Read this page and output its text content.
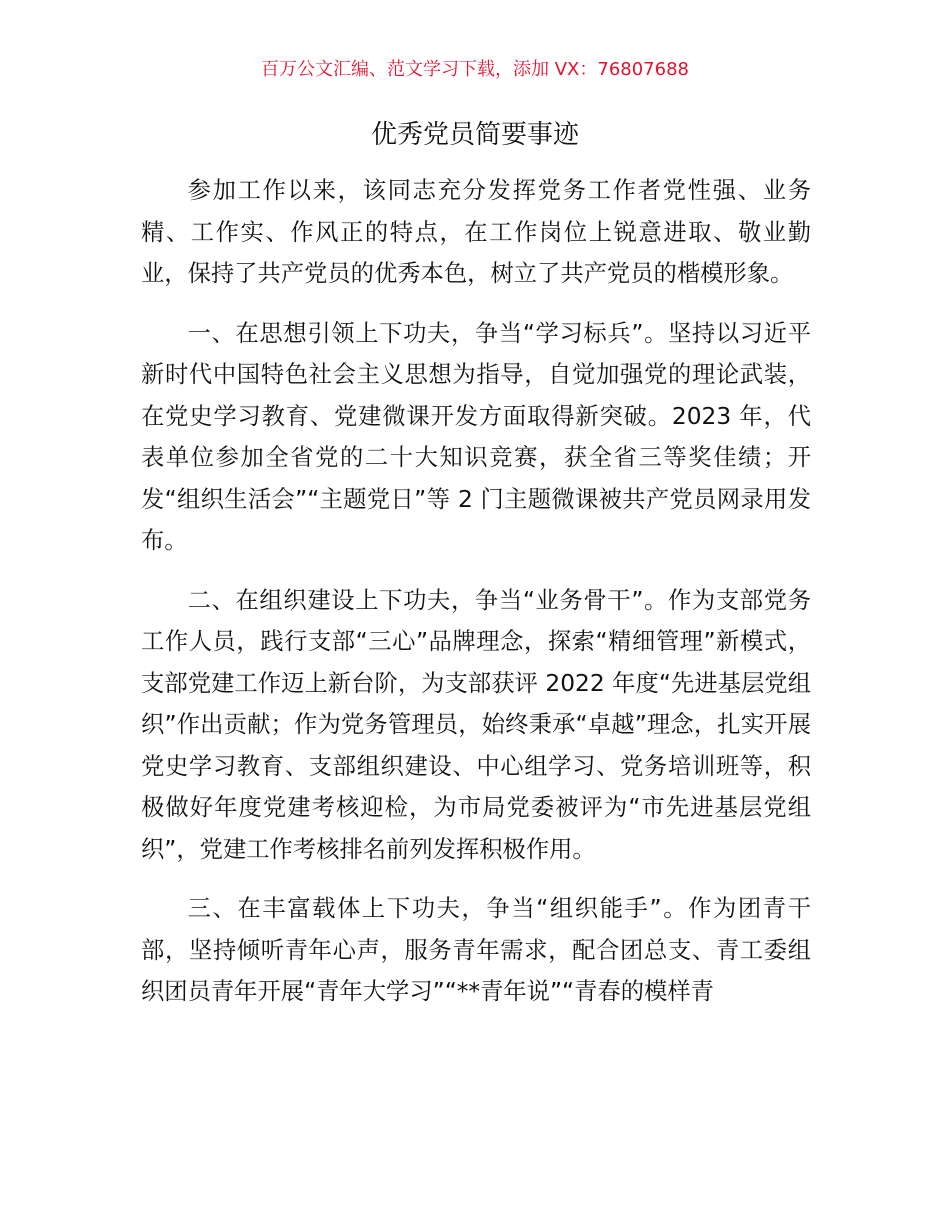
百万公文汇编、范文学习下载，添加 VX：76807688
优秀党员简要事迹

参加工作以来，该同志充分发挥党务工作者党性强、业务精、工作实、作风正的特点，在工作岗位上锐意进取、敬业勤业，保持了共产党员的优秀本色，树立了共产党员的楷模形象。

一、在思想引领上下功夫，争当“学习标兵”。坚持以习近平新时代中国特色社会主义思想为指导，自觉加强党的理论武装，在党史学习教育、党建微课开发方面取得新突破。2023 年，代表单位参加全省党的二十大知识竞赛，获全省三等奖佳绩；开发“组织生活会”“主题党日”等 2 门主题微课被共产党员网录用发布。

二、在组织建设上下功夫，争当“业务骨干”。作为支部党务工作人员，践行支部“三心”品牌理念，探索“精细管理”新模式，支部党建工作迈上新台阶，为支部获评 2022 年度“先进基层党组织”作出贡献；作为党务管理员，始终秉承“卓越”理念，扎实开展党史学习教育、支部组织建设、中心组学习、党务培训班等，积极做好年度党建考核迎检，为市局党委被评为“市先进基层党组织”，党建工作考核排名前列发挥积极作用。

三、在丰富载体上下功夫，争当“组织能手”。作为团青干部，坚持倾听青年心声，服务青年需求，配合团总支、青工委组织团员青年开展“青年大学习”“**青年说”“青春的模样青
